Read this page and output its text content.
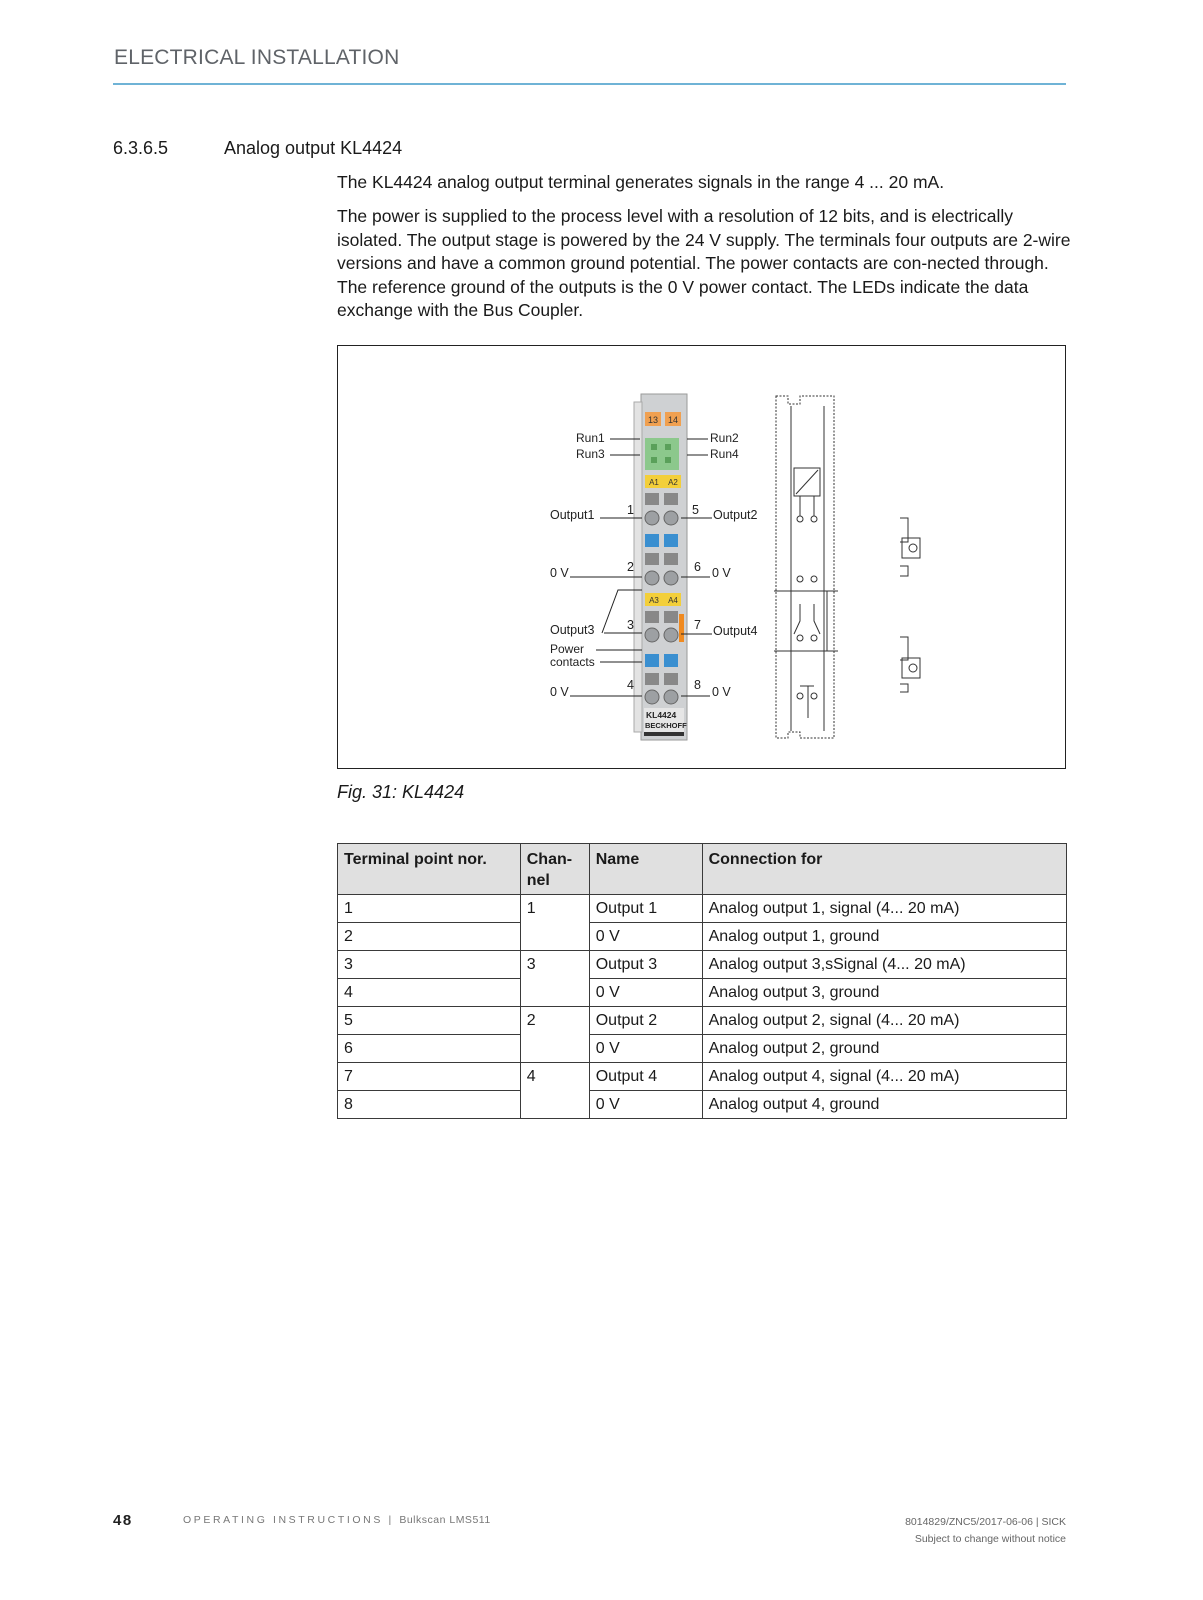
ELECTRICAL INSTALLATION
6.3.6.5	Analog output KL4424
The KL4424 analog output terminal generates signals in the range 4 ... 20 mA.
The power is supplied to the process level with a resolution of 12 bits, and is electrically isolated. The output stage is powered by the 24 V supply. The terminals four outputs are 2-wire versions and have a common ground potential. The power contacts are con-nected through. The reference ground of the outputs is the 0 V power contact. The LEDs indicate the data exchange with the Bus Coupler.
13 14
A1 A2
A3 A4
KL4424
BECKHOFF
Run1
Run3
Output1	1
0 V	2
Output3	3
Power
contacts
0 V	4
Run2
Run4
5 Output2
6 0 V
7 Output4
8 0 V
Fig. 31: KL4424
Terminal point nor.	Chan-
nel	Name	Connection for
1	1	Output 1	Analog output 1, signal (4... 20 mA)
2		0 V	Analog output 1, ground
3	3	Output 3	Analog output 3,sSignal (4... 20 mA)
4		0 V	Analog output 3, ground
5	2	Output 2	Analog output 2, signal (4... 20 mA)
6		0 V	Analog output 2, ground
7	4	Output 4	Analog output 4, signal (4... 20 mA)
8		0 V	Analog output 4, ground
48	OPERATING INSTRUCTIONS | Bulkscan LMS511	8014829/ZNC5/2017-06-06 | SICK
Subject to change without notice
